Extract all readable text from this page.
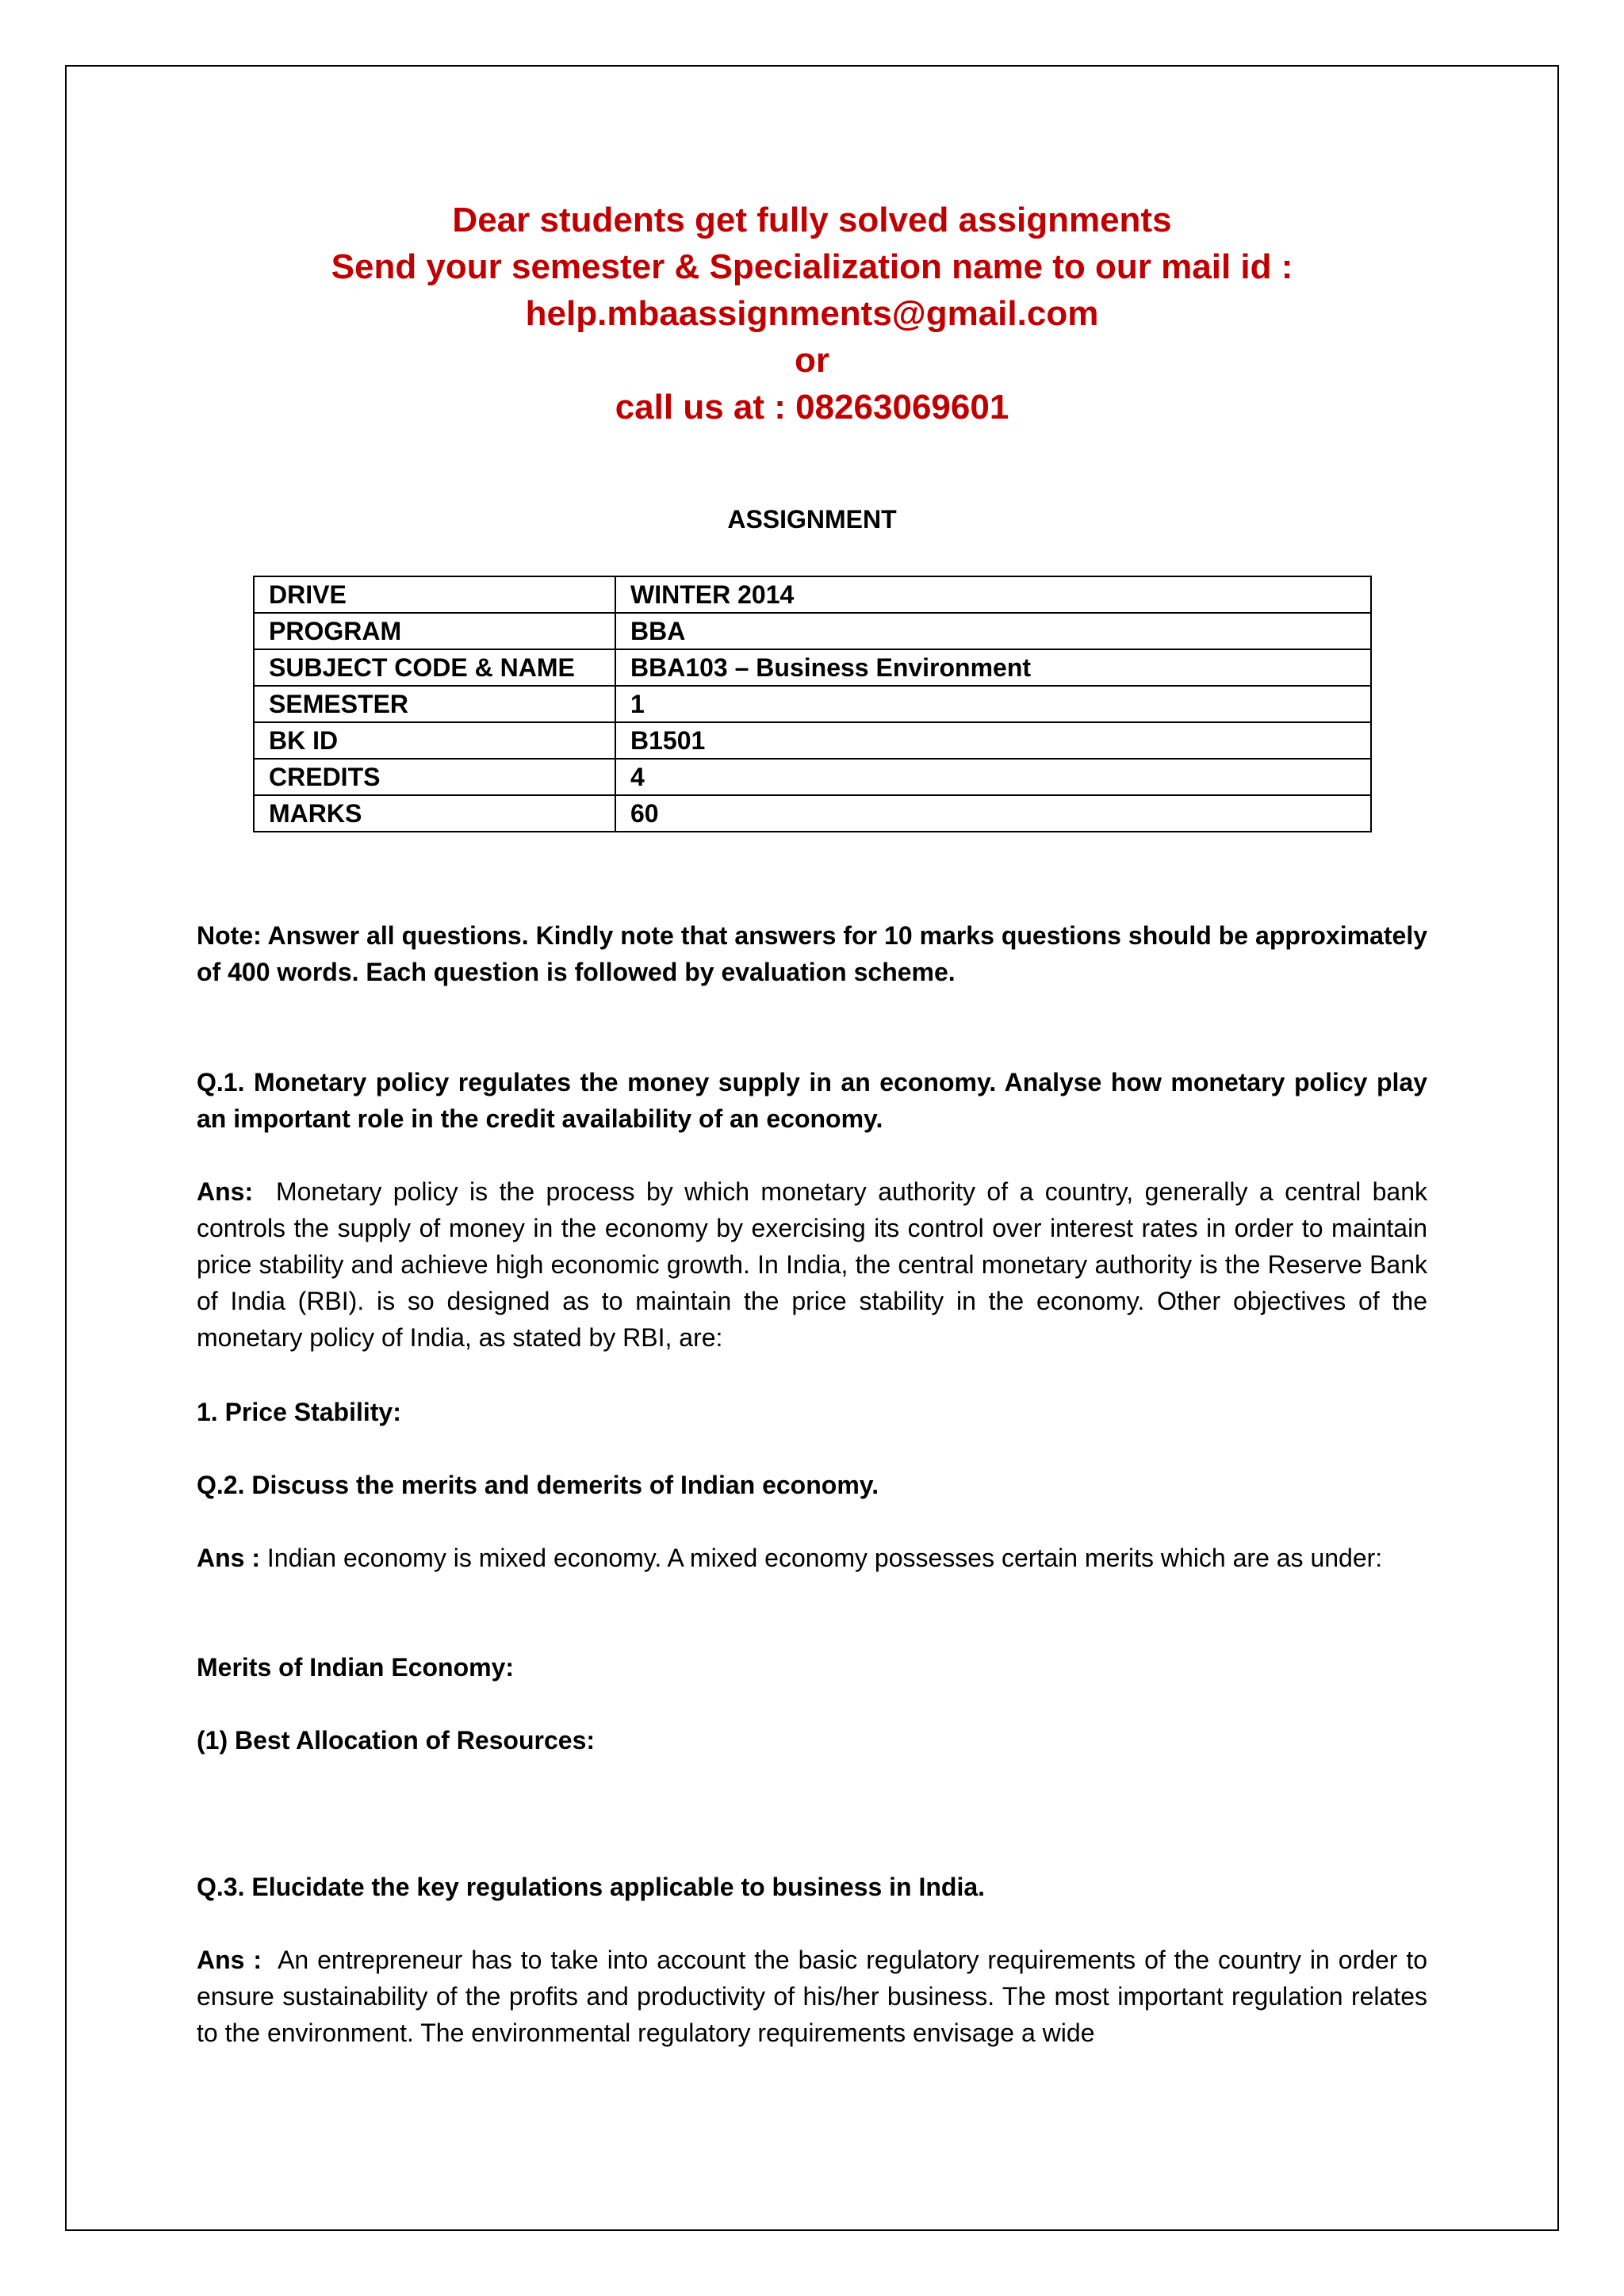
Dear students get fully solved assignments
Send your semester & Specialization name to our mail id :
help.mbaassignments@gmail.com
or
call us at : 08263069601
ASSIGNMENT
DRIVE	WINTER 2014
PROGRAM	BBA
SUBJECT CODE & NAME	BBA103 – Business Environment
SEMESTER	1
BK ID	B1501
CREDITS	4
MARKS	60

Note: Answer all questions. Kindly note that answers for 10 marks questions should be approximately of 400 words. Each question is followed by evaluation scheme.

Q.1. Monetary policy regulates the money supply in an economy. Analyse how monetary policy play an important role in the credit availability of an economy.

Ans: Monetary policy is the process by which monetary authority of a country, generally a central bank controls the supply of money in the economy by exercising its control over interest rates in order to maintain price stability and achieve high economic growth. In India, the central monetary authority is the Reserve Bank of India (RBI). is so designed as to maintain the price stability in the economy. Other objectives of the monetary policy of India, as stated by RBI, are:

1. Price Stability:

Q.2. Discuss the merits and demerits of Indian economy.

Ans : Indian economy is mixed economy. A mixed economy possesses certain merits which are as under:

Merits of Indian Economy:

(1) Best Allocation of Resources:

Q.3. Elucidate the key regulations applicable to business in India.

Ans : An entrepreneur has to take into account the basic regulatory requirements of the country in order to ensure sustainability of the profits and productivity of his/her business. The most important regulation relates to the environment. The environmental regulatory requirements envisage a wide
